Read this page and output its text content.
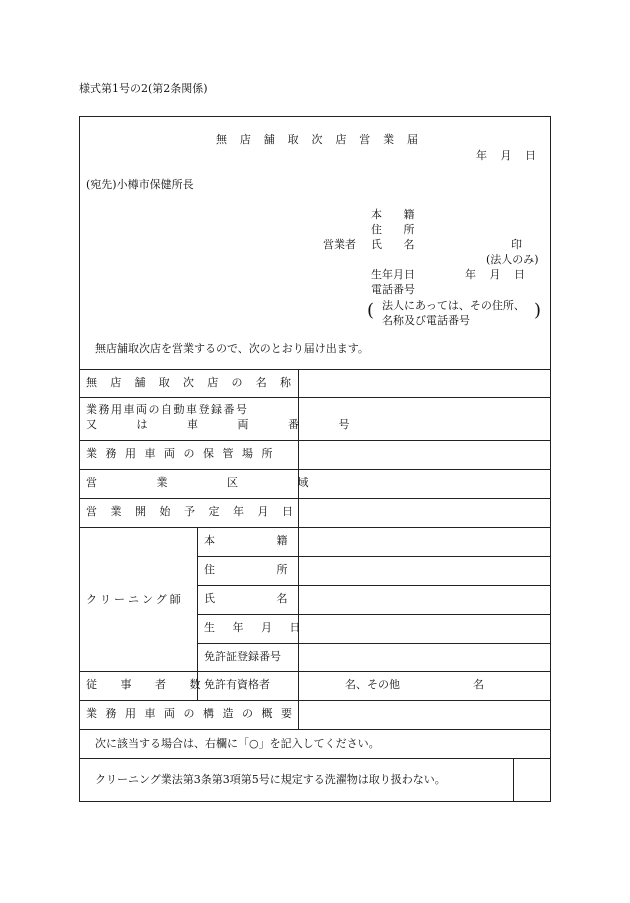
様式第1号の2(第2条関係)
無 店 舗 取 次 店 営 業 届
年 月 日
(宛先)小樽市保健所長
本 籍
住 所
営業者 氏 名	印
(法人のみ)
生年月日	年 月 日
電話番号
( 法人にあっては、その住所、
名称及び電話番号	)
無店舗取次店を営業するので、次のとおり届け出ます。
無 店 舗 取 次 店 の 名 称
業 務 用 車 両 の 自 動 車 登 録 番 号
又 は 車 両 番 号
業 務 用 車 両 の 保 管 場 所
営 業 区 域
営 業 開 始 予 定 年 月 日
クリーニング師
本 籍
住 所
氏 名
生 年 月 日
免許証登録番号
従 事 者 数 免許有資格者	名、その他	名
業 務 用 車 両 の 構 造 の 概 要
次に該当する場合は、右欄に「○」を記入してください。
クリーニング業法第3条第3項第5号に規定する洗濯物は取り扱わない。
